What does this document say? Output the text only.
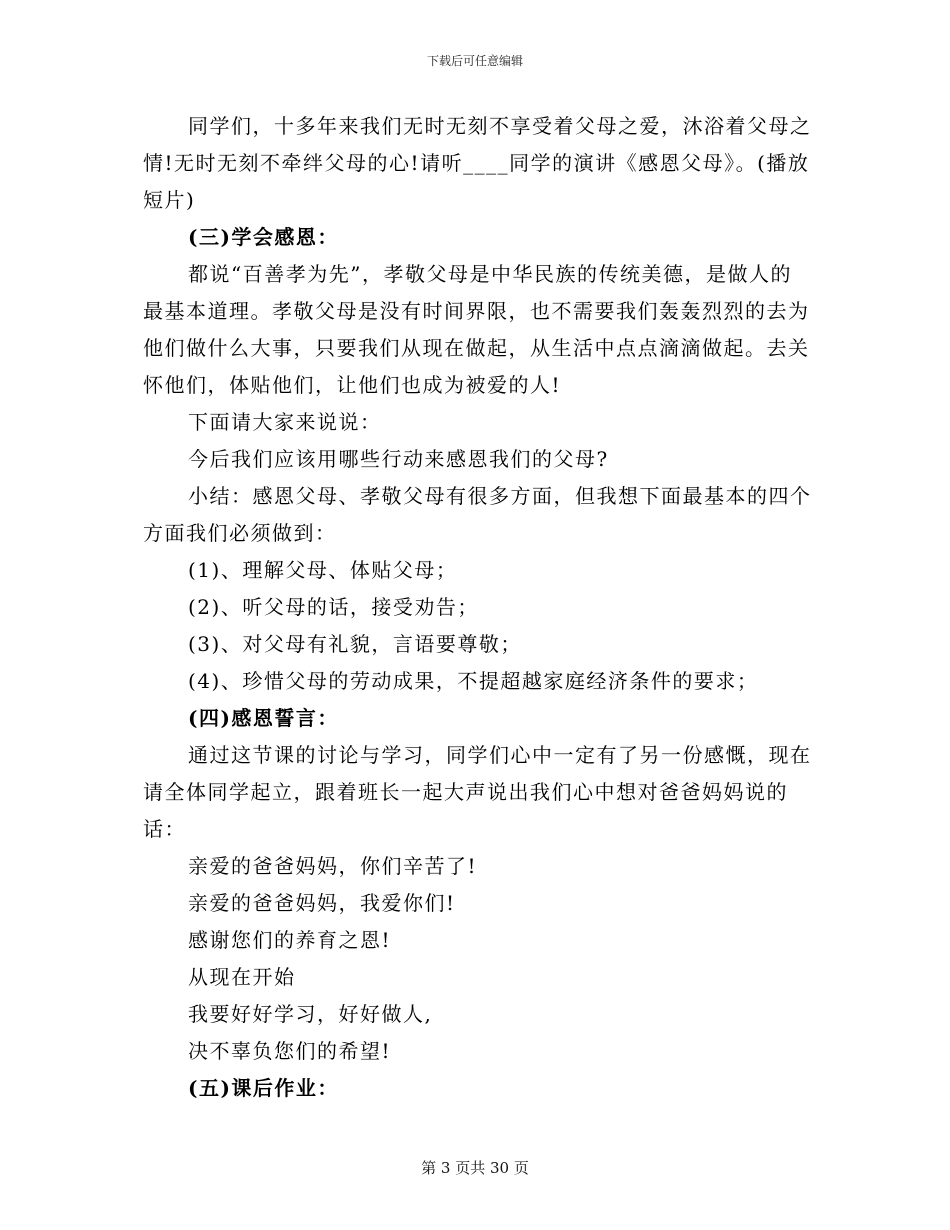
下载后可任意编辑

同学们，十多年来我们无时无刻不享受着父母之爱，沐浴着父母之情!无时无刻不牵绊父母的心!请听____同学的演讲《感恩父母》。(播放短片)

(三)学会感恩：

都说“百善孝为先”，孝敬父母是中华民族的传统美德，是做人的最基本道理。孝敬父母是没有时间界限，也不需要我们轰轰烈烈的去为他们做什么大事，只要我们从现在做起，从生活中点点滴滴做起。去关怀他们，体贴他们，让他们也成为被爱的人!

下面请大家来说说：

今后我们应该用哪些行动来感恩我们的父母?

小结：感恩父母、孝敬父母有很多方面，但我想下面最基本的四个方面我们必须做到：

(1)、理解父母、体贴父母；

(2)、听父母的话，接受劝告；

(3)、对父母有礼貌，言语要尊敬；

(4)、珍惜父母的劳动成果，不提超越家庭经济条件的要求；

(四)感恩誓言：

通过这节课的讨论与学习，同学们心中一定有了另一份感慨，现在请全体同学起立，跟着班长一起大声说出我们心中想对爸爸妈妈说的话：

亲爱的爸爸妈妈，你们辛苦了!

亲爱的爸爸妈妈，我爱你们!

感谢您们的养育之恩!

从现在开始

我要好好学习，好好做人,

决不辜负您们的希望!

(五)课后作业：

第 3 页共 30 页
